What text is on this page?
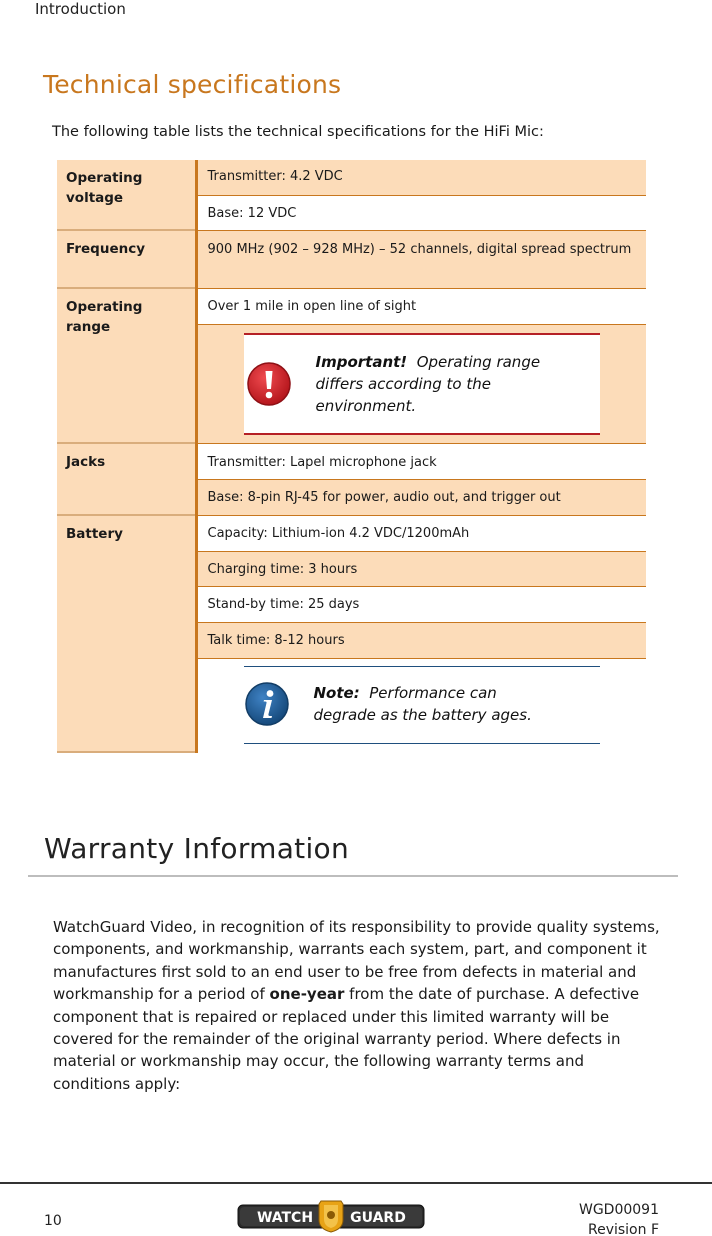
Introduction
Technical specifications

The following table lists the technical specifications for the HiFi Mic:

Operating voltage	Transmitter: 4.2 VDC

	Base: 12 VDC

Frequency	900 MHz (902 – 928 MHz) – 52 channels, digital spread spectrum

Operating range	Over 1 mile in open line of sight

	Important! Operating range differs according to the environment.

Jacks	Transmitter: Lapel microphone jack

	Base: 8-pin RJ-45 for power, audio out, and trigger out

Battery	Capacity: Lithium-ion 4.2 VDC/1200mAh

	Charging time: 3 hours

	Stand-by time: 25 days

	Talk time: 8-12 hours

	Note: Performance can degrade as the battery ages.
Warranty Information

WatchGuard Video, in recognition of its responsibility to provide quality systems, components, and workmanship, warrants each system, part, and component it manufactures first sold to an end user to be free from defects in material and workmanship for a period of one-year from the date of purchase. A defective component that is repaired or replaced under this limited warranty will be covered for the remainder of the original warranty period. Where defects in material or workmanship may occur, the following warranty terms and conditions apply:

10	WATCH	GUARD	WGD00091
Revision F
